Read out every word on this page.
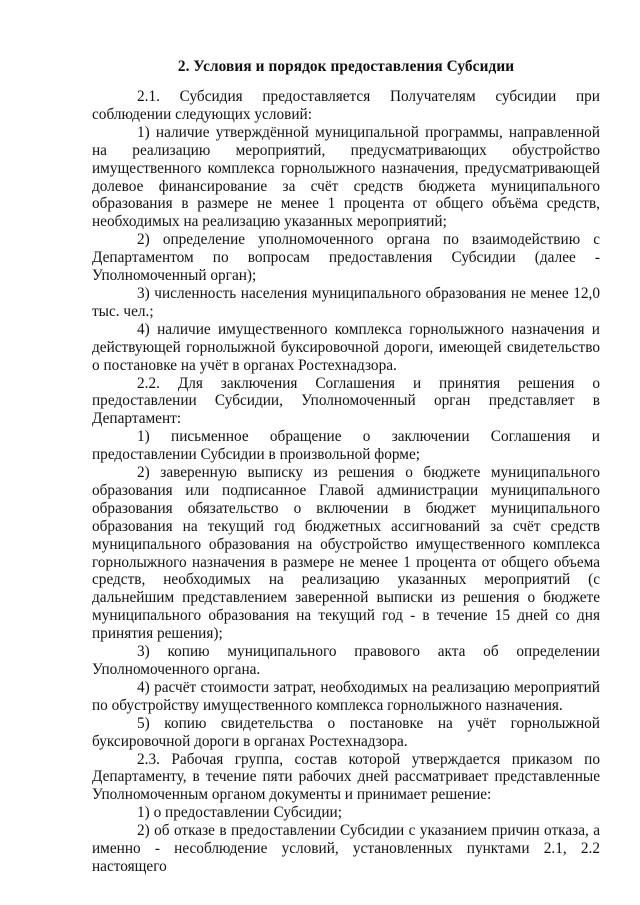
2. Условия и порядок предоставления Субсидии

2.1. Субсидия предоставляется Получателям субсидии при соблюдении следующих условий:

1) наличие утверждённой муниципальной программы, направленной на реализацию мероприятий, предусматривающих обустройство имущественного комплекса горнолыжного назначения, предусматривающей долевое финансирование за счёт средств бюджета муниципального образования в размере не менее 1 процента от общего объёма средств, необходимых на реализацию указанных мероприятий;

2) определение уполномоченного органа по взаимодействию с Департаментом по вопросам предоставления Субсидии (далее - Уполномоченный орган);

3) численность населения муниципального образования не менее 12,0 тыс. чел.;

4) наличие имущественного комплекса горнолыжного назначения и действующей горнолыжной буксировочной дороги, имеющей свидетельство о постановке на учёт в органах Ростехнадзора.

2.2. Для заключения Соглашения и принятия решения о предоставлении Субсидии, Уполномоченный орган представляет в Департамент:

1) письменное обращение о заключении Соглашения и предоставлении Субсидии в произвольной форме;

2) заверенную выписку из решения о бюджете муниципального образования или подписанное Главой администрации муниципального образования обязательство о включении в бюджет муниципального образования на текущий год бюджетных ассигнований за счёт средств муниципального образования на обустройство имущественного комплекса горнолыжного назначения в размере не менее 1 процента от общего объема средств, необходимых на реализацию указанных мероприятий (с дальнейшим представлением заверенной выписки из решения о бюджете муниципального образования на текущий год - в течение 15 дней со дня принятия решения);

3) копию муниципального правового акта об определении Уполномоченного органа.

4) расчёт стоимости затрат, необходимых на реализацию мероприятий по обустройству имущественного комплекса горнолыжного назначения.

5) копию свидетельства о постановке на учёт горнолыжной буксировочной дороги в органах Ростехнадзора.

2.3. Рабочая группа, состав которой утверждается приказом по Департаменту, в течение пяти рабочих дней рассматривает представленные Уполномоченным органом документы и принимает решение:

1) о предоставлении Субсидии;

2) об отказе в предоставлении Субсидии с указанием причин отказа, а именно - несоблюдение условий, установленных пунктами 2.1, 2.2 настоящего
